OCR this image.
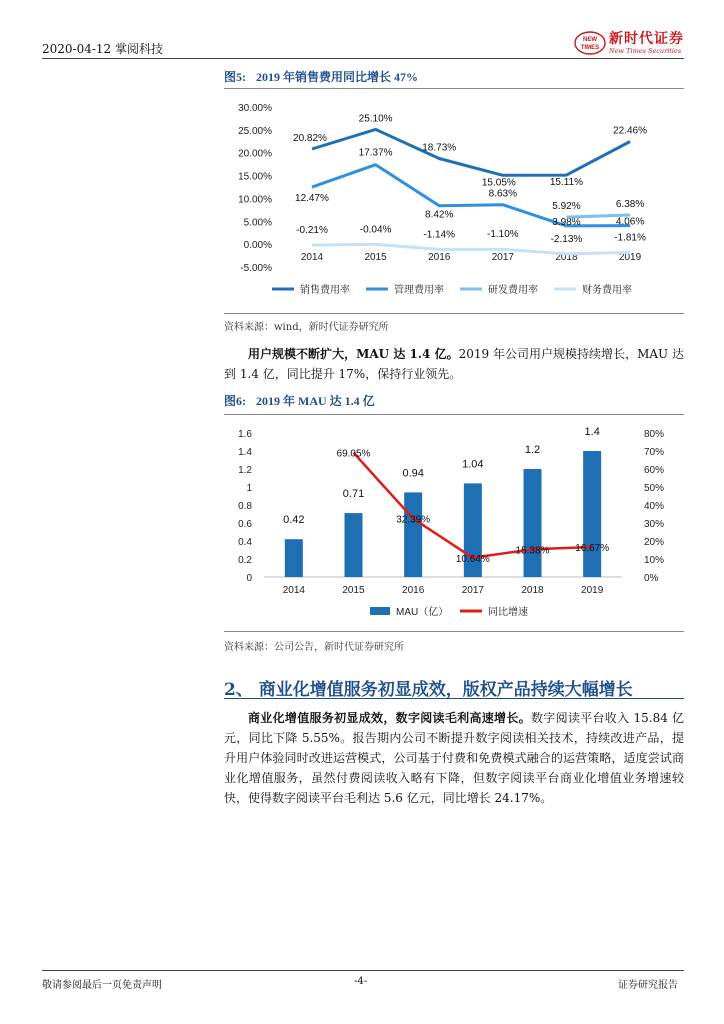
2020-04-12 掌阅科技
NEW
TIMES
新时代证券
New Times Securities
图5: 2019 年销售费用同比增长 47%
30.00%
25.00%
20.00%
15.00%
10.00%
5.00%
0.00%
-5.00%
2014	2015	2016	2017	2018	2019
20.82%
25.10%
18.73%
15.05%	15.11%
22.46%
12.47%
17.37%
8.42%
8.63%
3.98%	4.06%
5.92%	6.38%
-0.21%	-0.04%	-1.14%	-1.10%	-2.13%	-1.81%
销售费用率	管理费用率	研发费用率	财务费用率
资料来源：wind，新时代证券研究所
用户规模不断扩大，MAU 达 1.4 亿。2019 年公司用户规模持续增长，MAU 达到 1.4 亿，同比提升 17%，保持行业领先。
图6: 2019 年 MAU 达 1.4 亿
1.6
1.4
1.2
1
0.8
0.6
0.4
0.2
0
80%
70%
60%
50%
40%
30%
20%
10%
0%
2014	2015	2016	2017	2018	2019
0.42
0.71
0.94
1.04
1.2
1.4
69.05%
32.39%
10.64%
15.38%	16.67%
MAU（亿）	同比增速
资料来源：公司公告，新时代证券研究所
2、 商业化增值服务初显成效，版权产品持续大幅增长
商业化增值服务初显成效，数字阅读毛利高速增长。数字阅读平台收入 15.84 亿元，同比下降 5.55%。报告期内公司不断提升数字阅读相关技术，持续改进产品，提升用户体验同时改进运营模式，公司基于付费和免费模式融合的运营策略，适度尝试商业化增值服务，虽然付费阅读收入略有下降，但数字阅读平台商业化增值业务增速较快，使得数字阅读平台毛利达 5.6 亿元，同比增长 24.17%。
敬请参阅最后一页免责声明	-4-	证券研究报告
